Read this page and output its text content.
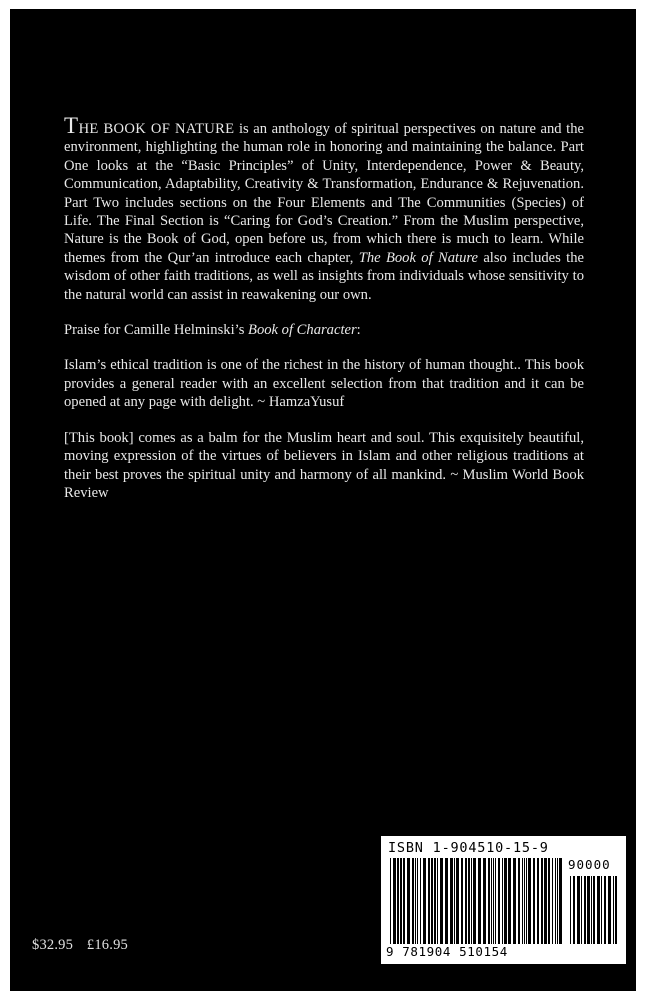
THE BOOK OF NATURE is an anthology of spiritual perspectives on nature and the environment, highlighting the human role in honoring and maintaining the balance. Part One looks at the “Basic Principles” of Unity, Interdependence, Power & Beauty, Communication, Adaptability, Creativity & Transformation, Endurance & Rejuvenation. Part Two includes sections on the Four Elements and The Communities (Species) of Life. The Final Section is “Caring for God’s Creation.” From the Muslim perspective, Nature is the Book of God, open before us, from which there is much to learn. While themes from the Qur’an introduce each chapter, The Book of Nature also includes the wisdom of other faith traditions, as well as insights from individuals whose sensitivity to the natural world can assist in reawakening our own.

Praise for Camille Helminski’s Book of Character:

Islam’s ethical tradition is one of the richest in the history of human thought.. This book provides a general reader with an excellent selection from that tradition and it can be opened at any page with delight. ~ HamzaYusuf

[This book] comes as a balm for the Muslim heart and soul. This exquisitely beautiful, moving expression of the virtues of believers in Islam and other religious traditions at their best proves the spiritual unity and harmony of all mankind. ~ Muslim World Book Review

$32.95 £16.95
ISBN 1-904510-15-9
90000
9 781904 510154
